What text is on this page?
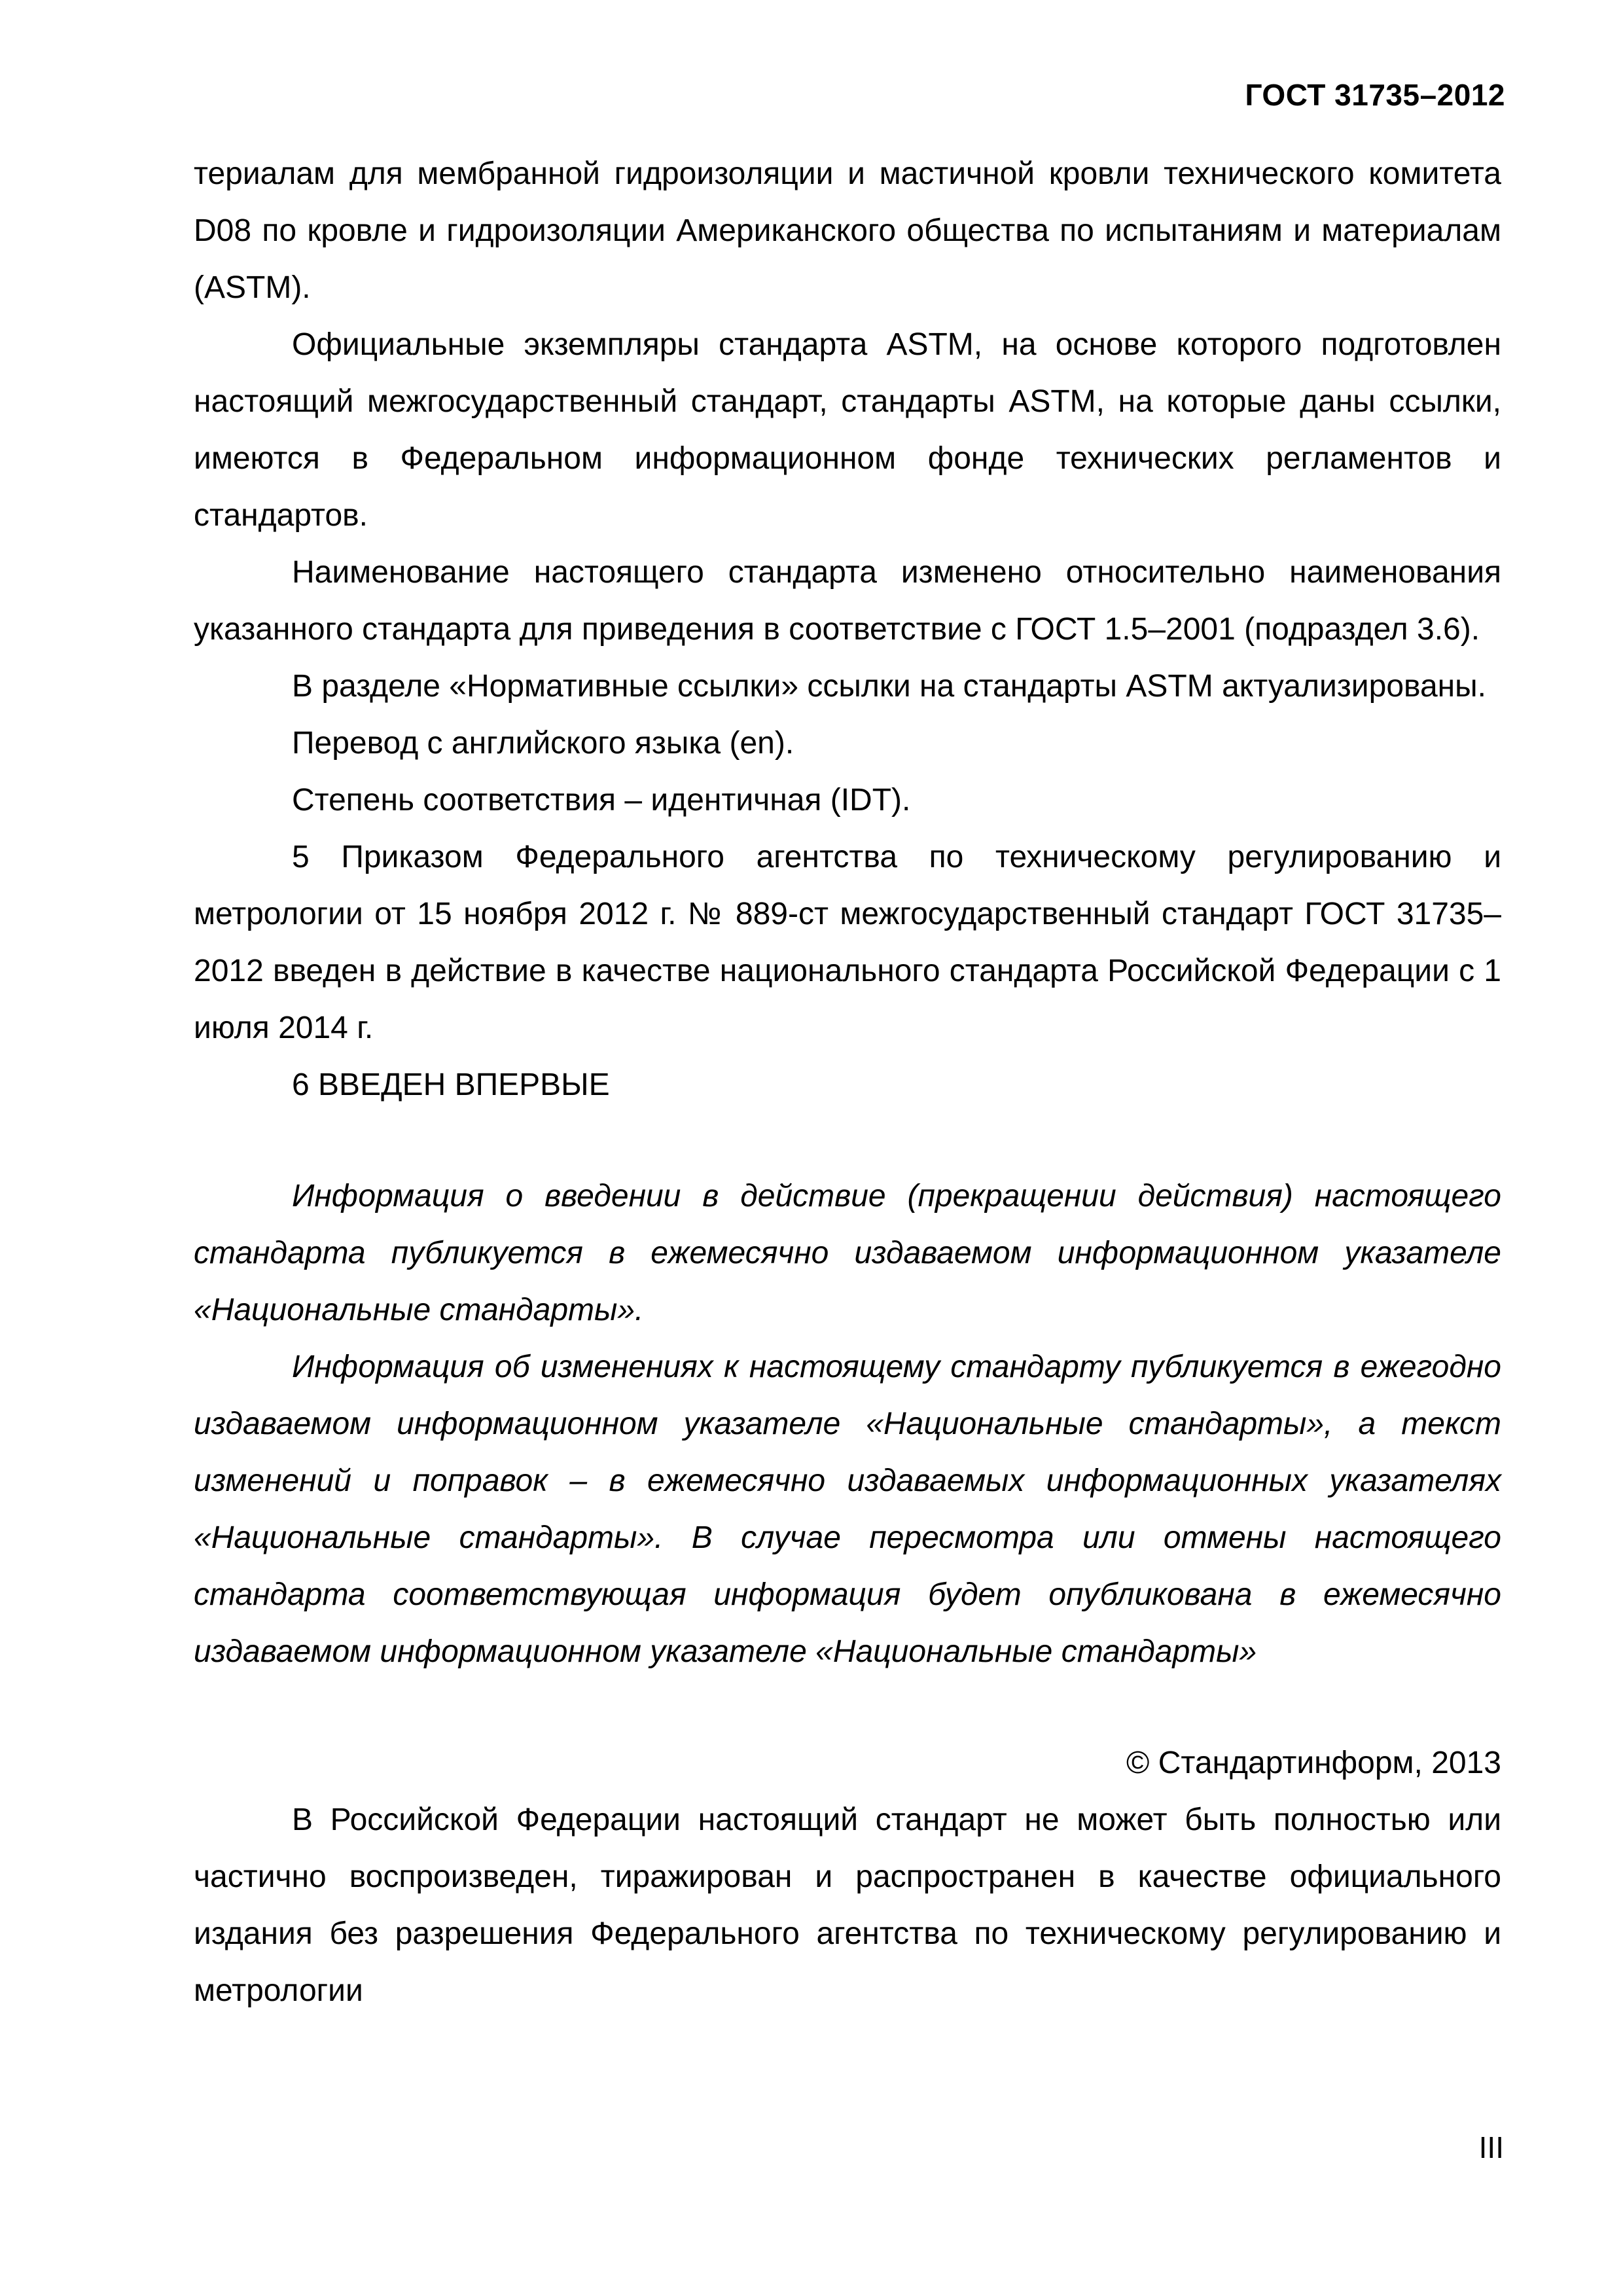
ГОСТ 31735–2012

териалам для мембранной гидроизоляции и мастичной кровли технического комитета D08 по кровле и гидроизоляции Американского общества по испытаниям и материалам (ASTM).

Официальные экземпляры стандарта ASTM, на основе которого подготовлен настоящий межгосударственный стандарт, стандарты ASTM, на которые даны ссылки, имеются в Федеральном информационном фонде технических регламентов и стандартов.

Наименование настоящего стандарта изменено относительно наименования указанного стандарта для приведения в соответствие с ГОСТ 1.5–2001 (подраздел 3.6).

В разделе «Нормативные ссылки» ссылки на стандарты ASTM актуализированы.

Перевод с английского языка (en).

Степень соответствия – идентичная (IDT).

5 Приказом Федерального агентства по техническому регулированию и метрологии от 15 ноября 2012 г. № 889-ст межгосударственный стандарт ГОСТ 31735–2012 введен в действие в качестве национального стандарта Российской Федерации с 1 июля 2014 г.

6 ВВЕДЕН ВПЕРВЫЕ

Информация о введении в действие (прекращении действия) настоящего стандарта публикуется в ежемесячно издаваемом информационном указателе «Национальные стандарты».

Информация об изменениях к настоящему стандарту публикуется в ежегодно издаваемом информационном указателе «Национальные стандарты», а текст изменений и поправок – в ежемесячно издаваемых информационных указателях «Национальные стандарты». В случае пересмотра или отмены настоящего стандарта соответствующая информация будет опубликована в ежемесячно издаваемом информационном указателе «Национальные стандарты»

© Стандартинформ, 2013

В Российской Федерации настоящий стандарт не может быть полностью или частично воспроизведен, тиражирован и распространен в качестве официального издания без разрешения Федерального агентства по техническому регулированию и метрологии

III
